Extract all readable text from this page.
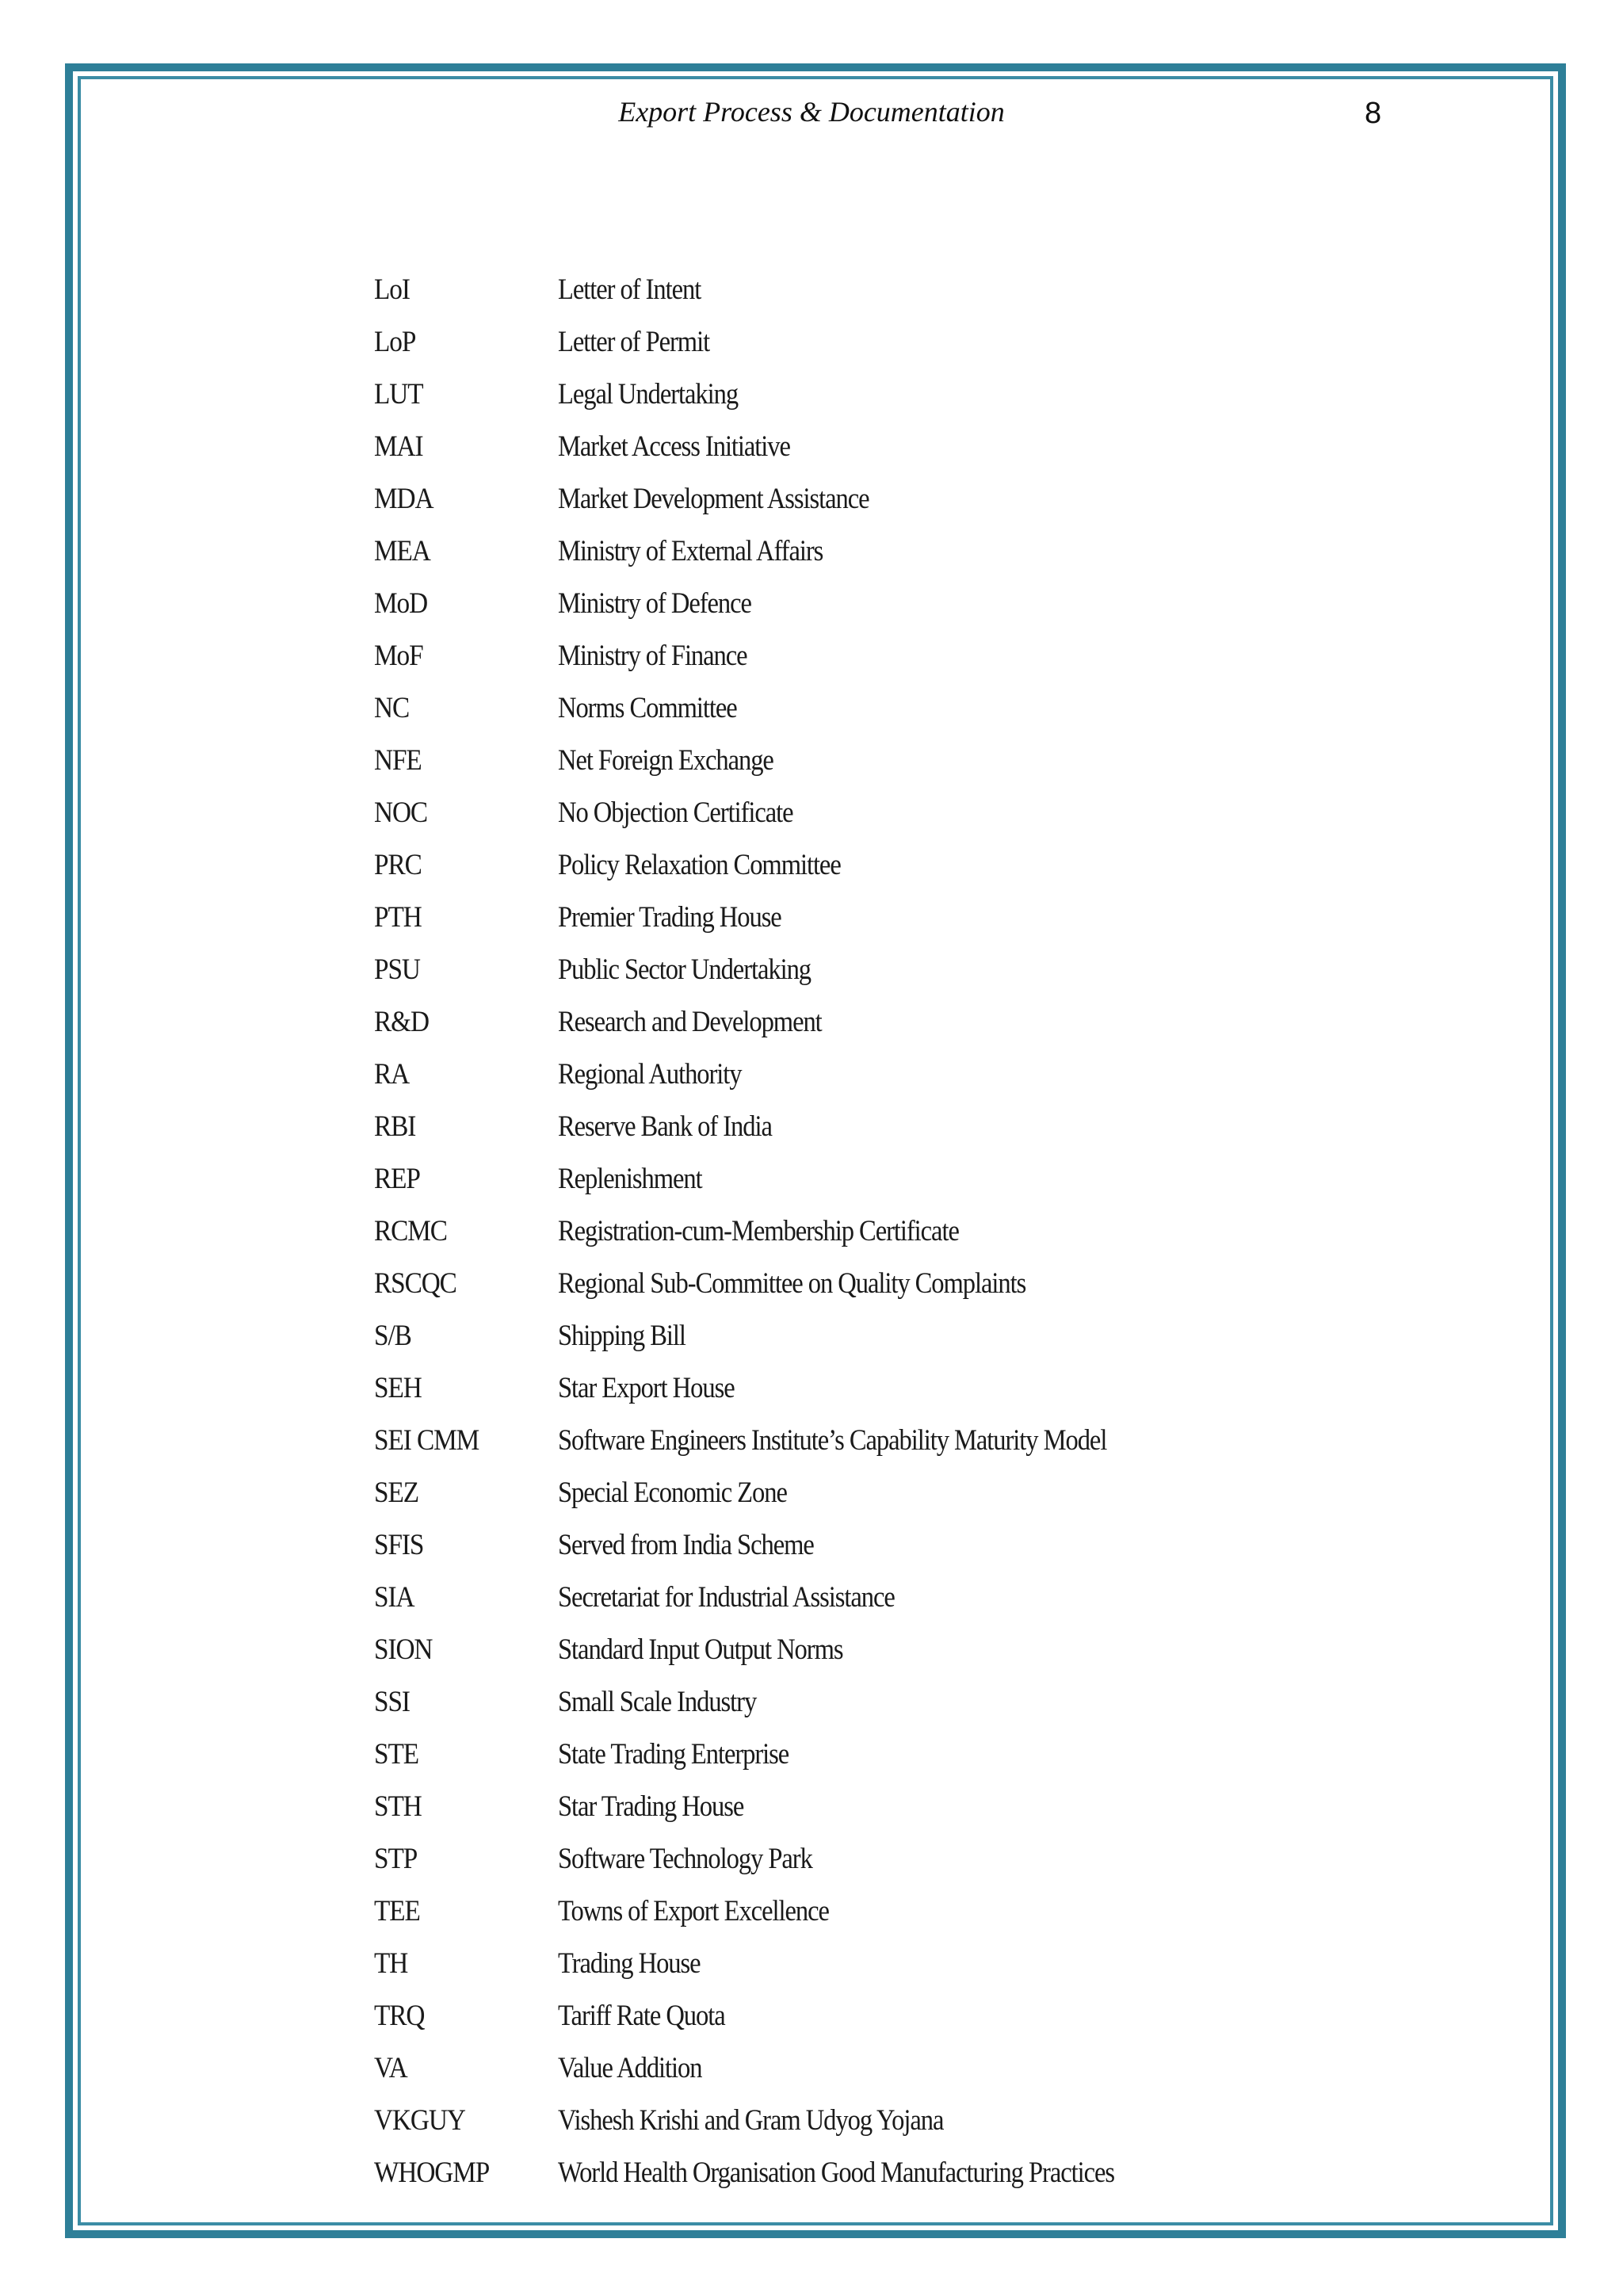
Export Process & Documentation	8
LoI	Letter of Intent
LoP	Letter of Permit
LUT	Legal Undertaking
MAI	Market Access Initiative
MDA	Market Development Assistance
MEA	Ministry of External Affairs
MoD	Ministry of Defence
MoF	Ministry of Finance
NC	Norms Committee
NFE	Net Foreign Exchange
NOC	No Objection Certificate
PRC	Policy Relaxation Committee
PTH	Premier Trading House
PSU	Public Sector Undertaking
R&D	Research and Development
RA	Regional Authority
RBI	Reserve Bank of India
REP	Replenishment
RCMC	Registration-cum-Membership Certificate
RSCQC	Regional Sub-Committee on Quality Complaints
S/B	Shipping Bill
SEH	Star Export House
SEI CMM	Software Engineers Institute’s Capability Maturity Model
SEZ	Special Economic Zone
SFIS	Served from India Scheme
SIA	Secretariat for Industrial Assistance
SION	Standard Input Output Norms
SSI	Small Scale Industry
STE	State Trading Enterprise
STH	Star Trading House
STP	Software Technology Park
TEE	Towns of Export Excellence
TH	Trading House
TRQ	Tariff Rate Quota
VA	Value Addition
VKGUY	Vishesh Krishi and Gram Udyog Yojana
WHOGMP	World Health Organisation Good Manufacturing Practices
